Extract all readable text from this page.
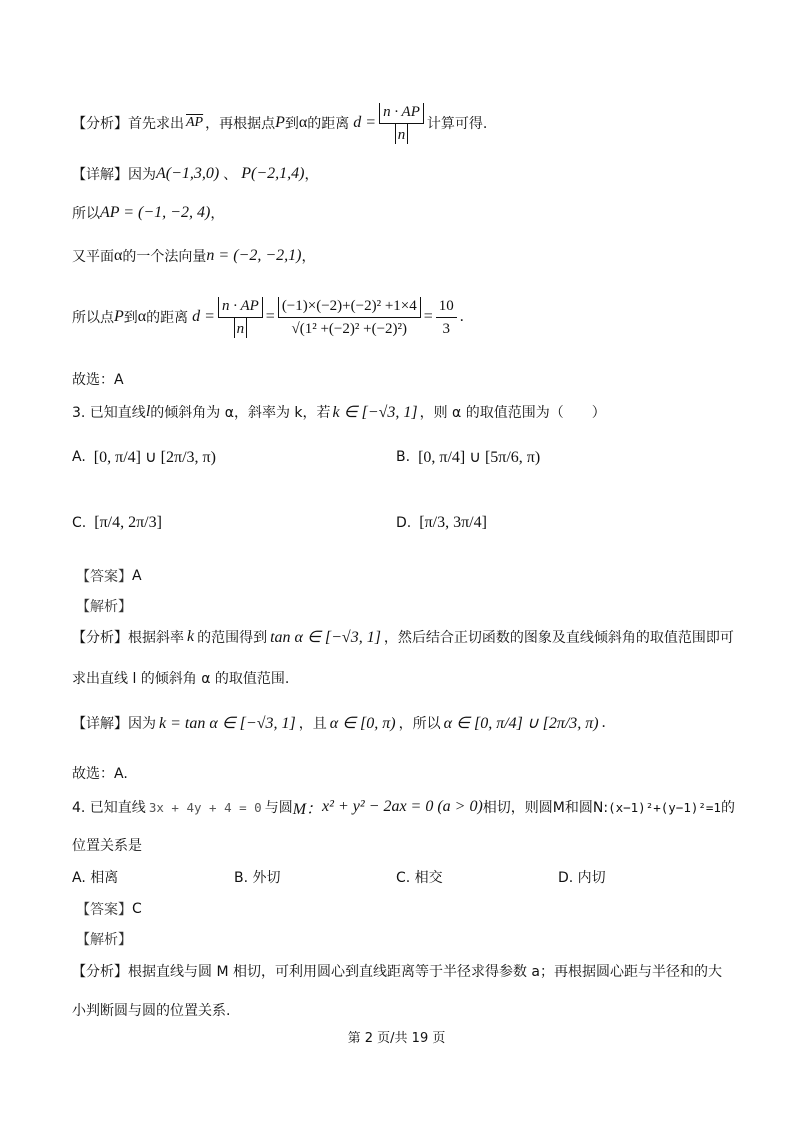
【分析】 首先求出 $\overline{AP}$ ，再根据点 P 到 α 的距离 $d = \frac{n \cdot AP}{n}$ 计算可得.
【详解】 因为 A(−1,3,0) 、 P(−2,1,4) ，
所以 AP = (−1, −2, 4) ，
又平面 α 的一个法向量 n = (−2, −2,1) ，
所以点 P 到 α 的距离 $d = \frac{n \cdot AP}{n} = \frac{\text{(−1)×(−2)+(−2)² +1×4}}{\text{√(1² +(−2)² +(−2)²)}} = \frac{10}{3}$ .
故选：A
3. 已知直线 l 的倾斜角为 α，斜率为 k，若 k ∈ [−√3, 1] ，则 α 的取值范围为（　　）
A. [0, π/4] ∪ [2π/3, π)	B. [0, π/4] ∪ [5π/6, π)
C. [π/4, 2π/3]	D. [π/3, 3π/4]
【答案】 A
【解析】
【分析】 根据斜率 k 的范围得到 tan α ∈ [−√3, 1] ，然后结合正切函数的图象及直线倾斜角的取值范围即可
求出直线 l 的倾斜角 α 的取值范围.
【详解】 因为 k = tan α ∈ [−√3, 1] ，且 α ∈ [0, π) ，所以 α ∈ [0, π/4] ∪ [2π/3, π) .
故选：A.
4. 已知直线 3x + 4y + 4 = 0 与圆 M： x² + y² − 2ax = 0 (a > 0) 相切，则圆M和圆N: (x−1)²+(y−1)²=1 的
位置关系是
A. 相离	B. 外切	C. 相交	D. 内切
【答案】 C
【解析】
【分析】 根据直线与圆 M 相切，可利用圆心到直线距离等于半径求得参数 a；再根据圆心距与半径和的大
小判断圆与圆的位置关系.
第 2 页/共 19 页
